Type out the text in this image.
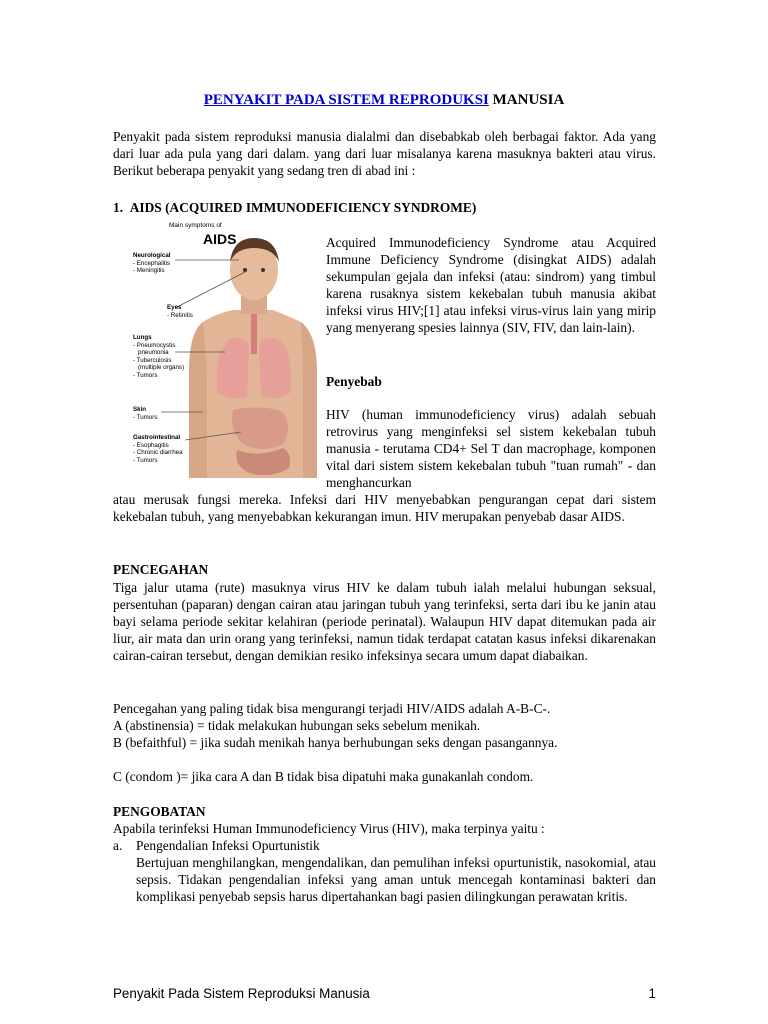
PENYAKIT PADA SISTEM REPRODUKSI MANUSIA

Penyakit pada sistem reproduksi manusia dialalmi dan disebabkab oleh berbagai faktor. Ada yang dari luar ada pula yang dari dalam. yang dari luar misalanya karena masuknya bakteri atau virus. Berikut beberapa penyakit yang sedang tren di abad ini :

1. AIDS (ACQUIRED IMMUNODEFICIENCY SYNDROME)
Main symptoms of
AIDS
Neurological
- Encephalitis
- Meningitis
Eyes
- Retinitis
Lungs
- Pneumocystis
pneumonia
- Tuberculosis
(multiple organs)
- Tumors
Skin
- Tumors
Gastrointestinal
- Esophagitis
- Chronic diarrhea
- Tumors

Acquired Immunodeficiency Syndrome atau Acquired Immune Deficiency Syndrome (disingkat AIDS) adalah sekumpulan gejala dan infeksi (atau: sindrom) yang timbul karena rusaknya sistem kekebalan tubuh manusia akibat infeksi virus HIV;[1] atau infeksi virus-virus lain yang mirip yang menyerang spesies lainnya (SIV, FIV, dan lain-lain).

Penyebab

HIV (human immunodeficiency virus) adalah sebuah retrovirus yang menginfeksi sel sistem kekebalan tubuh manusia - terutama CD4+ Sel T dan macrophage, komponen vital dari sistem sistem kekebalan tubuh "tuan rumah" - dan menghancurkan

atau merusak fungsi mereka. Infeksi dari HIV menyebabkan pengurangan cepat dari sistem kekebalan tubuh, yang menyebabkan kekurangan imun. HIV merupakan penyebab dasar AIDS.

PENCEGAHAN

Tiga jalur utama (rute) masuknya virus HIV ke dalam tubuh ialah melalui hubungan seksual, persentuhan (paparan) dengan cairan atau jaringan tubuh yang terinfeksi, serta dari ibu ke janin atau bayi selama periode sekitar kelahiran (periode perinatal). Walaupun HIV dapat ditemukan pada air liur, air mata dan urin orang yang terinfeksi, namun tidak terdapat catatan kasus infeksi dikarenakan cairan-cairan tersebut, dengan demikian resiko infeksinya secara umum dapat diabaikan.

Pencegahan yang paling tidak bisa mengurangi terjadi HIV/AIDS adalah A-B-C-.

A (abstinensia) = tidak melakukan hubungan seks sebelum menikah.

B (befaithful) = jika sudah menikah hanya berhubungan seks dengan pasangannya.

C (condom )= jika cara A dan B tidak bisa dipatuhi maka gunakanlah condom.

PENGOBATAN

Apabila terinfeksi Human Immunodeficiency Virus (HIV), maka terpinya yaitu :

a. Pengendalian Infeksi Opurtunistik

Bertujuan menghilangkan, mengendalikan, dan pemulihan infeksi opurtunistik, nasokomial, atau sepsis. Tidakan pengendalian infeksi yang aman untuk mencegah kontaminasi bakteri dan komplikasi penyebab sepsis harus dipertahankan bagi pasien dilingkungan perawatan kritis.

Penyakit Pada Sistem Reproduksi Manusia	1
